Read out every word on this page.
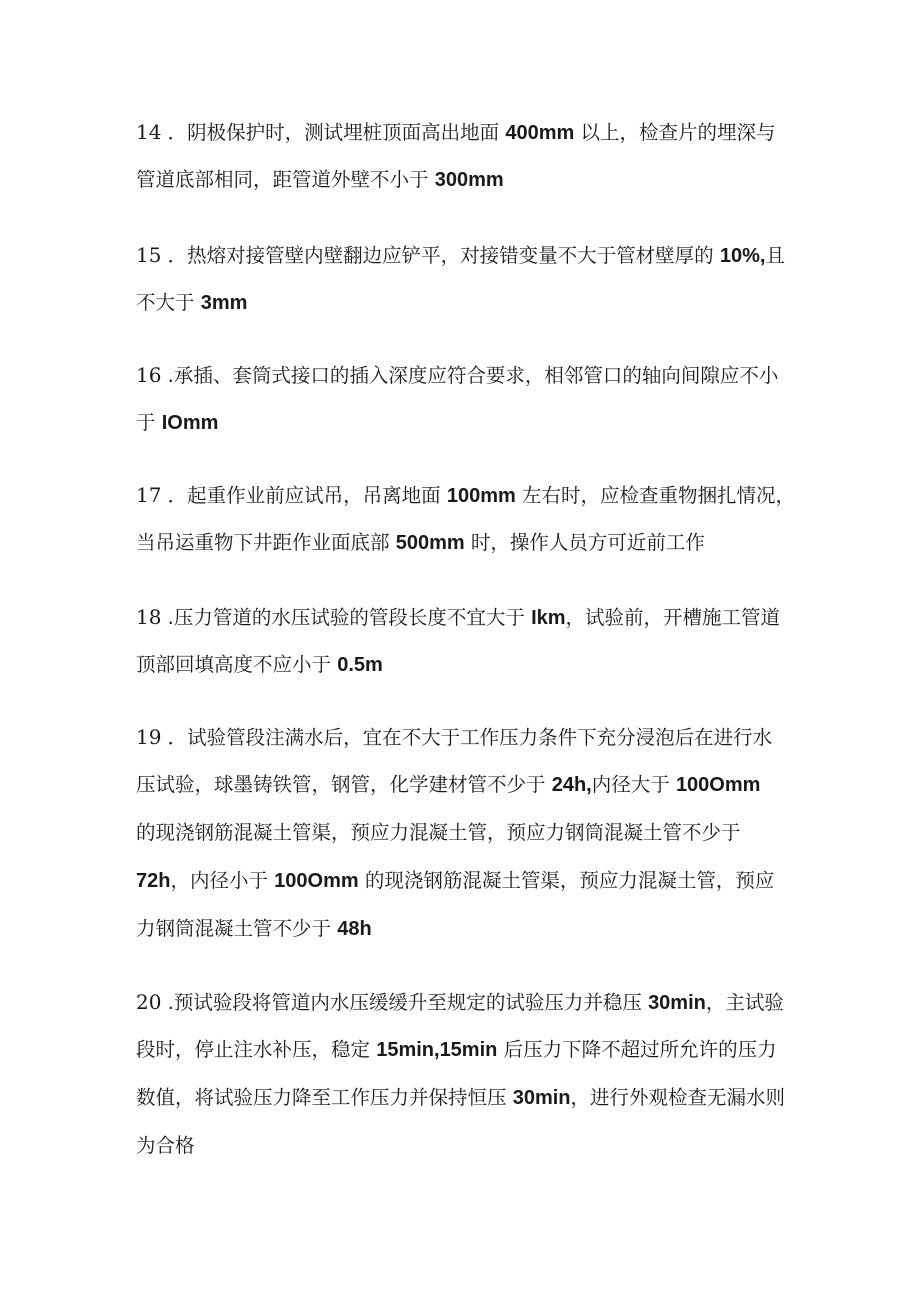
14 ．阴极保护时，测试埋桩顶面高出地面 400mm 以上，检查片的埋深与
管道底部相同，距管道外壁不小于 300mm

15 ．热熔对接管壁内壁翻边应铲平，对接错变量不大于管材壁厚的 10%,且
不大于 3mm

16 .承插、套筒式接口的插入深度应符合要求，相邻管口的轴向间隙应不小
于 IOmm

17 ．起重作业前应试吊，吊离地面 100mm 左右时，应检查重物捆扎情况，
当吊运重物下井距作业面底部 500mm 时，操作人员方可近前工作

18 .压力管道的水压试验的管段长度不宜大于 Ikm，试验前，开槽施工管道
顶部回填高度不应小于 0.5m

19 ．试验管段注满水后，宜在不大于工作压力条件下充分浸泡后在进行水
压试验，球墨铸铁管，钢管，化学建材管不少于 24h,内径大于 100Omm
的现浇钢筋混凝土管渠，预应力混凝土管，预应力钢筒混凝土管不少于
72h，内径小于 100Omm 的现浇钢筋混凝土管渠，预应力混凝土管，预应
力钢筒混凝土管不少于 48h

20 .预试验段将管道内水压缓缓升至规定的试验压力并稳压 30min，主试验
段时，停止注水补压，稳定 15min,15min 后压力下降不超过所允许的压力
数值，将试验压力降至工作压力并保持恒压 30min，进行外观检查无漏水则
为合格
